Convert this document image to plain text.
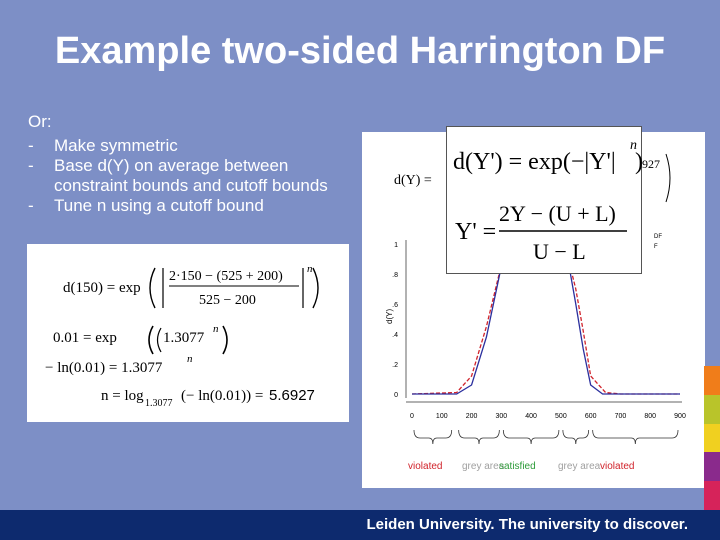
Example two-sided Harrington DF
Or:
- Make symmetric
- Base d(Y) on average between constraint bounds and cutoff bounds
- Tune n using a cutoff bound
d(150) = exp
2·150 − (525 + 200)
525 − 200
n
0.01 = exp	1.3077
n
− ln(0.01) = 1.3077
n
n = log 1.3077 (− ln(0.01)) = 5.6927
d(Y) =
927
d(Y)
0
.2
.4
.6
.8
1
0	100	200	300	400	500	600	700	800	900
DF
F
violated grey area
satisfied grey area violated
d(Y') = exp(−|Y'|
n
)
Y' =
2Y − (U + L)
U − L
Leiden University. The university to discover.
